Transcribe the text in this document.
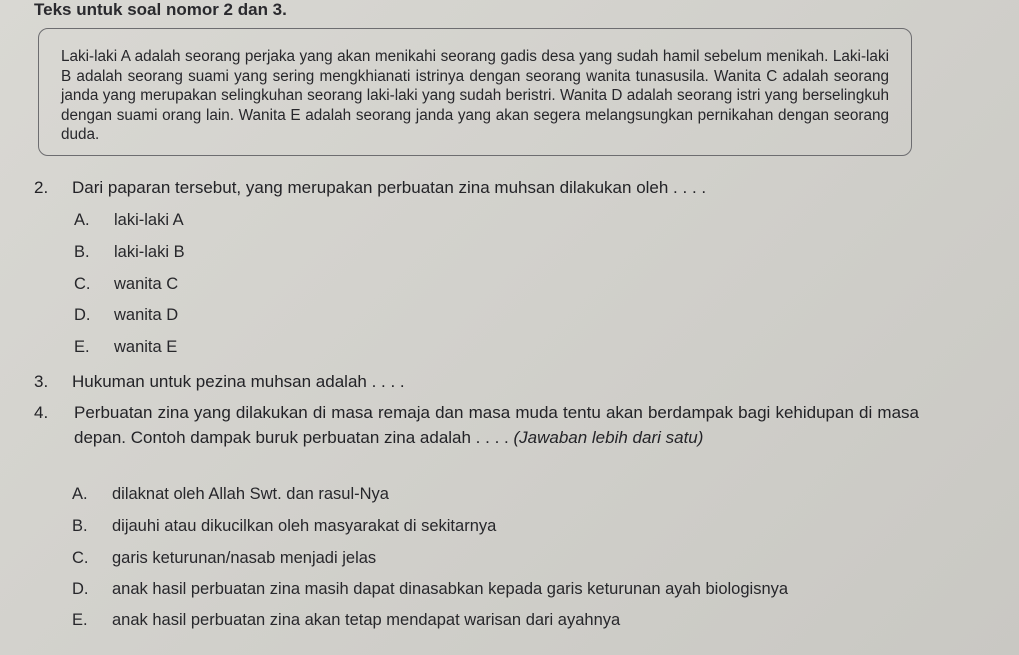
Teks untuk soal nomor 2 dan 3.

Laki-laki A adalah seorang perjaka yang akan menikahi seorang gadis desa yang sudah hamil sebelum menikah. Laki-laki B adalah seorang suami yang sering mengkhianati istrinya dengan seorang wanita tunasusila. Wanita C adalah seorang janda yang merupakan selingkuhan seorang laki-laki yang sudah beristri. Wanita D adalah seorang istri yang berselingkuh dengan suami orang lain. Wanita E adalah seorang janda yang akan segera melangsungkan pernikahan dengan seorang duda.

2. Dari paparan tersebut, yang merupakan perbuatan zina muhsan dilakukan oleh . . . .
A. laki-laki A
B. laki-laki B
C. wanita C
D. wanita D
E. wanita E
3. Hukuman untuk pezina muhsan adalah . . . .
4. Perbuatan zina yang dilakukan di masa remaja dan masa muda tentu akan berdampak bagi kehidupan di masa depan. Contoh dampak buruk perbuatan zina adalah . . . . (Jawaban lebih dari satu)
A. dilaknat oleh Allah Swt. dan rasul-Nya
B. dijauhi atau dikucilkan oleh masyarakat di sekitarnya
C. garis keturunan/nasab menjadi jelas
D. anak hasil perbuatan zina masih dapat dinasabkan kepada garis keturunan ayah biologisnya
E. anak hasil perbuatan zina akan tetap mendapat warisan dari ayahnya
